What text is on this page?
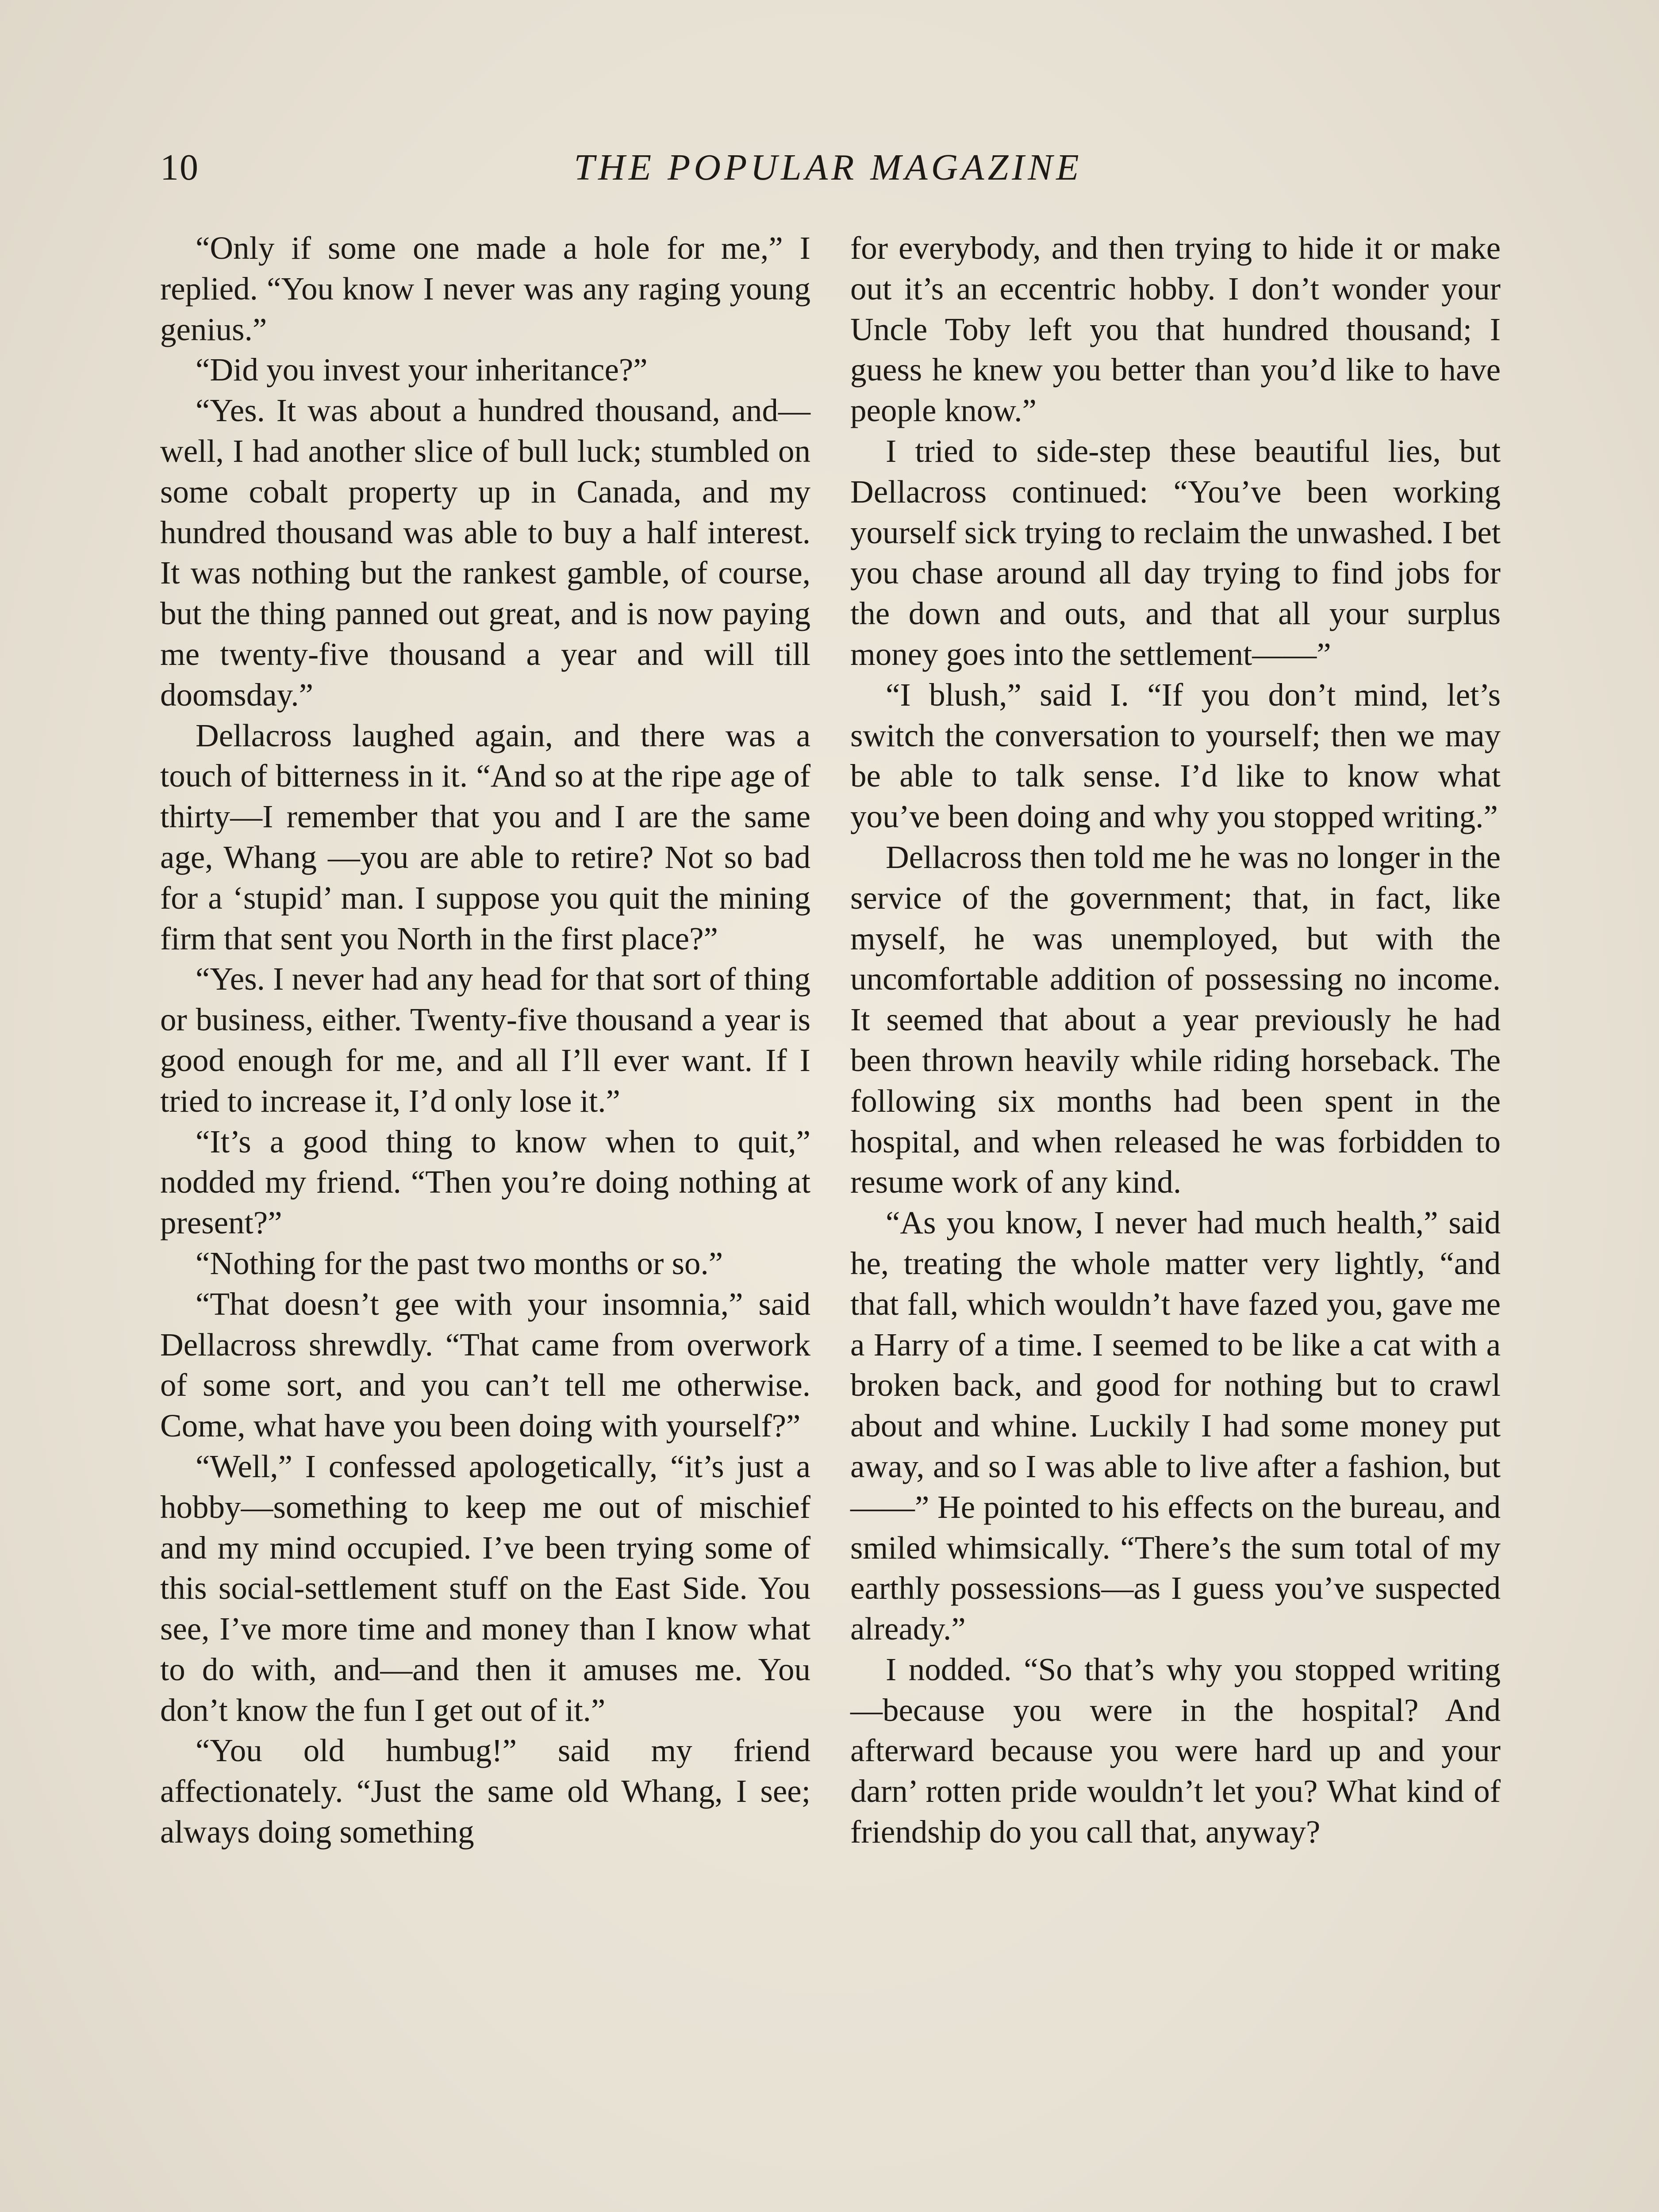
10	THE POPULAR MAGAZINE

“Only if some one made a hole for me,” I replied. “You know I never was any raging young genius.”

“Did you invest your inheritance?”

“Yes. It was about a hundred thousand, and—well, I had another slice of bull luck; stumbled on some cobalt property up in Canada, and my hundred thousand was able to buy a half interest. It was nothing but the rankest gamble, of course, but the thing panned out great, and is now paying me twenty-five thousand a year and will till doomsday.”

Dellacross laughed again, and there was a touch of bitterness in it. “And so at the ripe age of thirty—I remember that you and I are the same age, Whang —you are able to retire? Not so bad for a ‘stupid’ man. I suppose you quit the mining firm that sent you North in the first place?”

“Yes. I never had any head for that sort of thing or business, either. Twenty-five thousand a year is good enough for me, and all I’ll ever want. If I tried to increase it, I’d only lose it.”

“It’s a good thing to know when to quit,” nodded my friend. “Then you’re doing nothing at present?”

“Nothing for the past two months or so.”

“That doesn’t gee with your insomnia,” said Dellacross shrewdly. “That came from overwork of some sort, and you can’t tell me otherwise. Come, what have you been doing with yourself?”

“Well,” I confessed apologetically, “it’s just a hobby—something to keep me out of mischief and my mind occupied. I’ve been trying some of this social-settlement stuff on the East Side. You see, I’ve more time and money than I know what to do with, and—and then it amuses me. You don’t know the fun I get out of it.”

“You old humbug!” said my friend affectionately. “Just the same old Whang, I see; always doing something

for everybody, and then trying to hide it or make out it’s an eccentric hobby. I don’t wonder your Uncle Toby left you that hundred thousand; I guess he knew you better than you’d like to have people know.”

I tried to side-step these beautiful lies, but Dellacross continued: “You’ve been working yourself sick trying to reclaim the unwashed. I bet you chase around all day trying to find jobs for the down and outs, and that all your surplus money goes into the settlement——”

“I blush,” said I. “If you don’t mind, let’s switch the conversation to yourself; then we may be able to talk sense. I’d like to know what you’ve been doing and why you stopped writing.”

Dellacross then told me he was no longer in the service of the government; that, in fact, like myself, he was unemployed, but with the uncomfortable addition of possessing no income. It seemed that about a year previously he had been thrown heavily while riding horseback. The following six months had been spent in the hospital, and when released he was forbidden to resume work of any kind.

“As you know, I never had much health,” said he, treating the whole matter very lightly, “and that fall, which wouldn’t have fazed you, gave me a Harry of a time. I seemed to be like a cat with a broken back, and good for nothing but to crawl about and whine. Luckily I had some money put away, and so I was able to live after a fashion, but——” He pointed to his effects on the bureau, and smiled whimsically. “There’s the sum total of my earthly possessions—as I guess you’ve suspected already.”

I nodded. “So that’s why you stopped writing—because you were in the hospital? And afterward because you were hard up and your darn’ rotten pride wouldn’t let you? What kind of friendship do you call that, anyway?
